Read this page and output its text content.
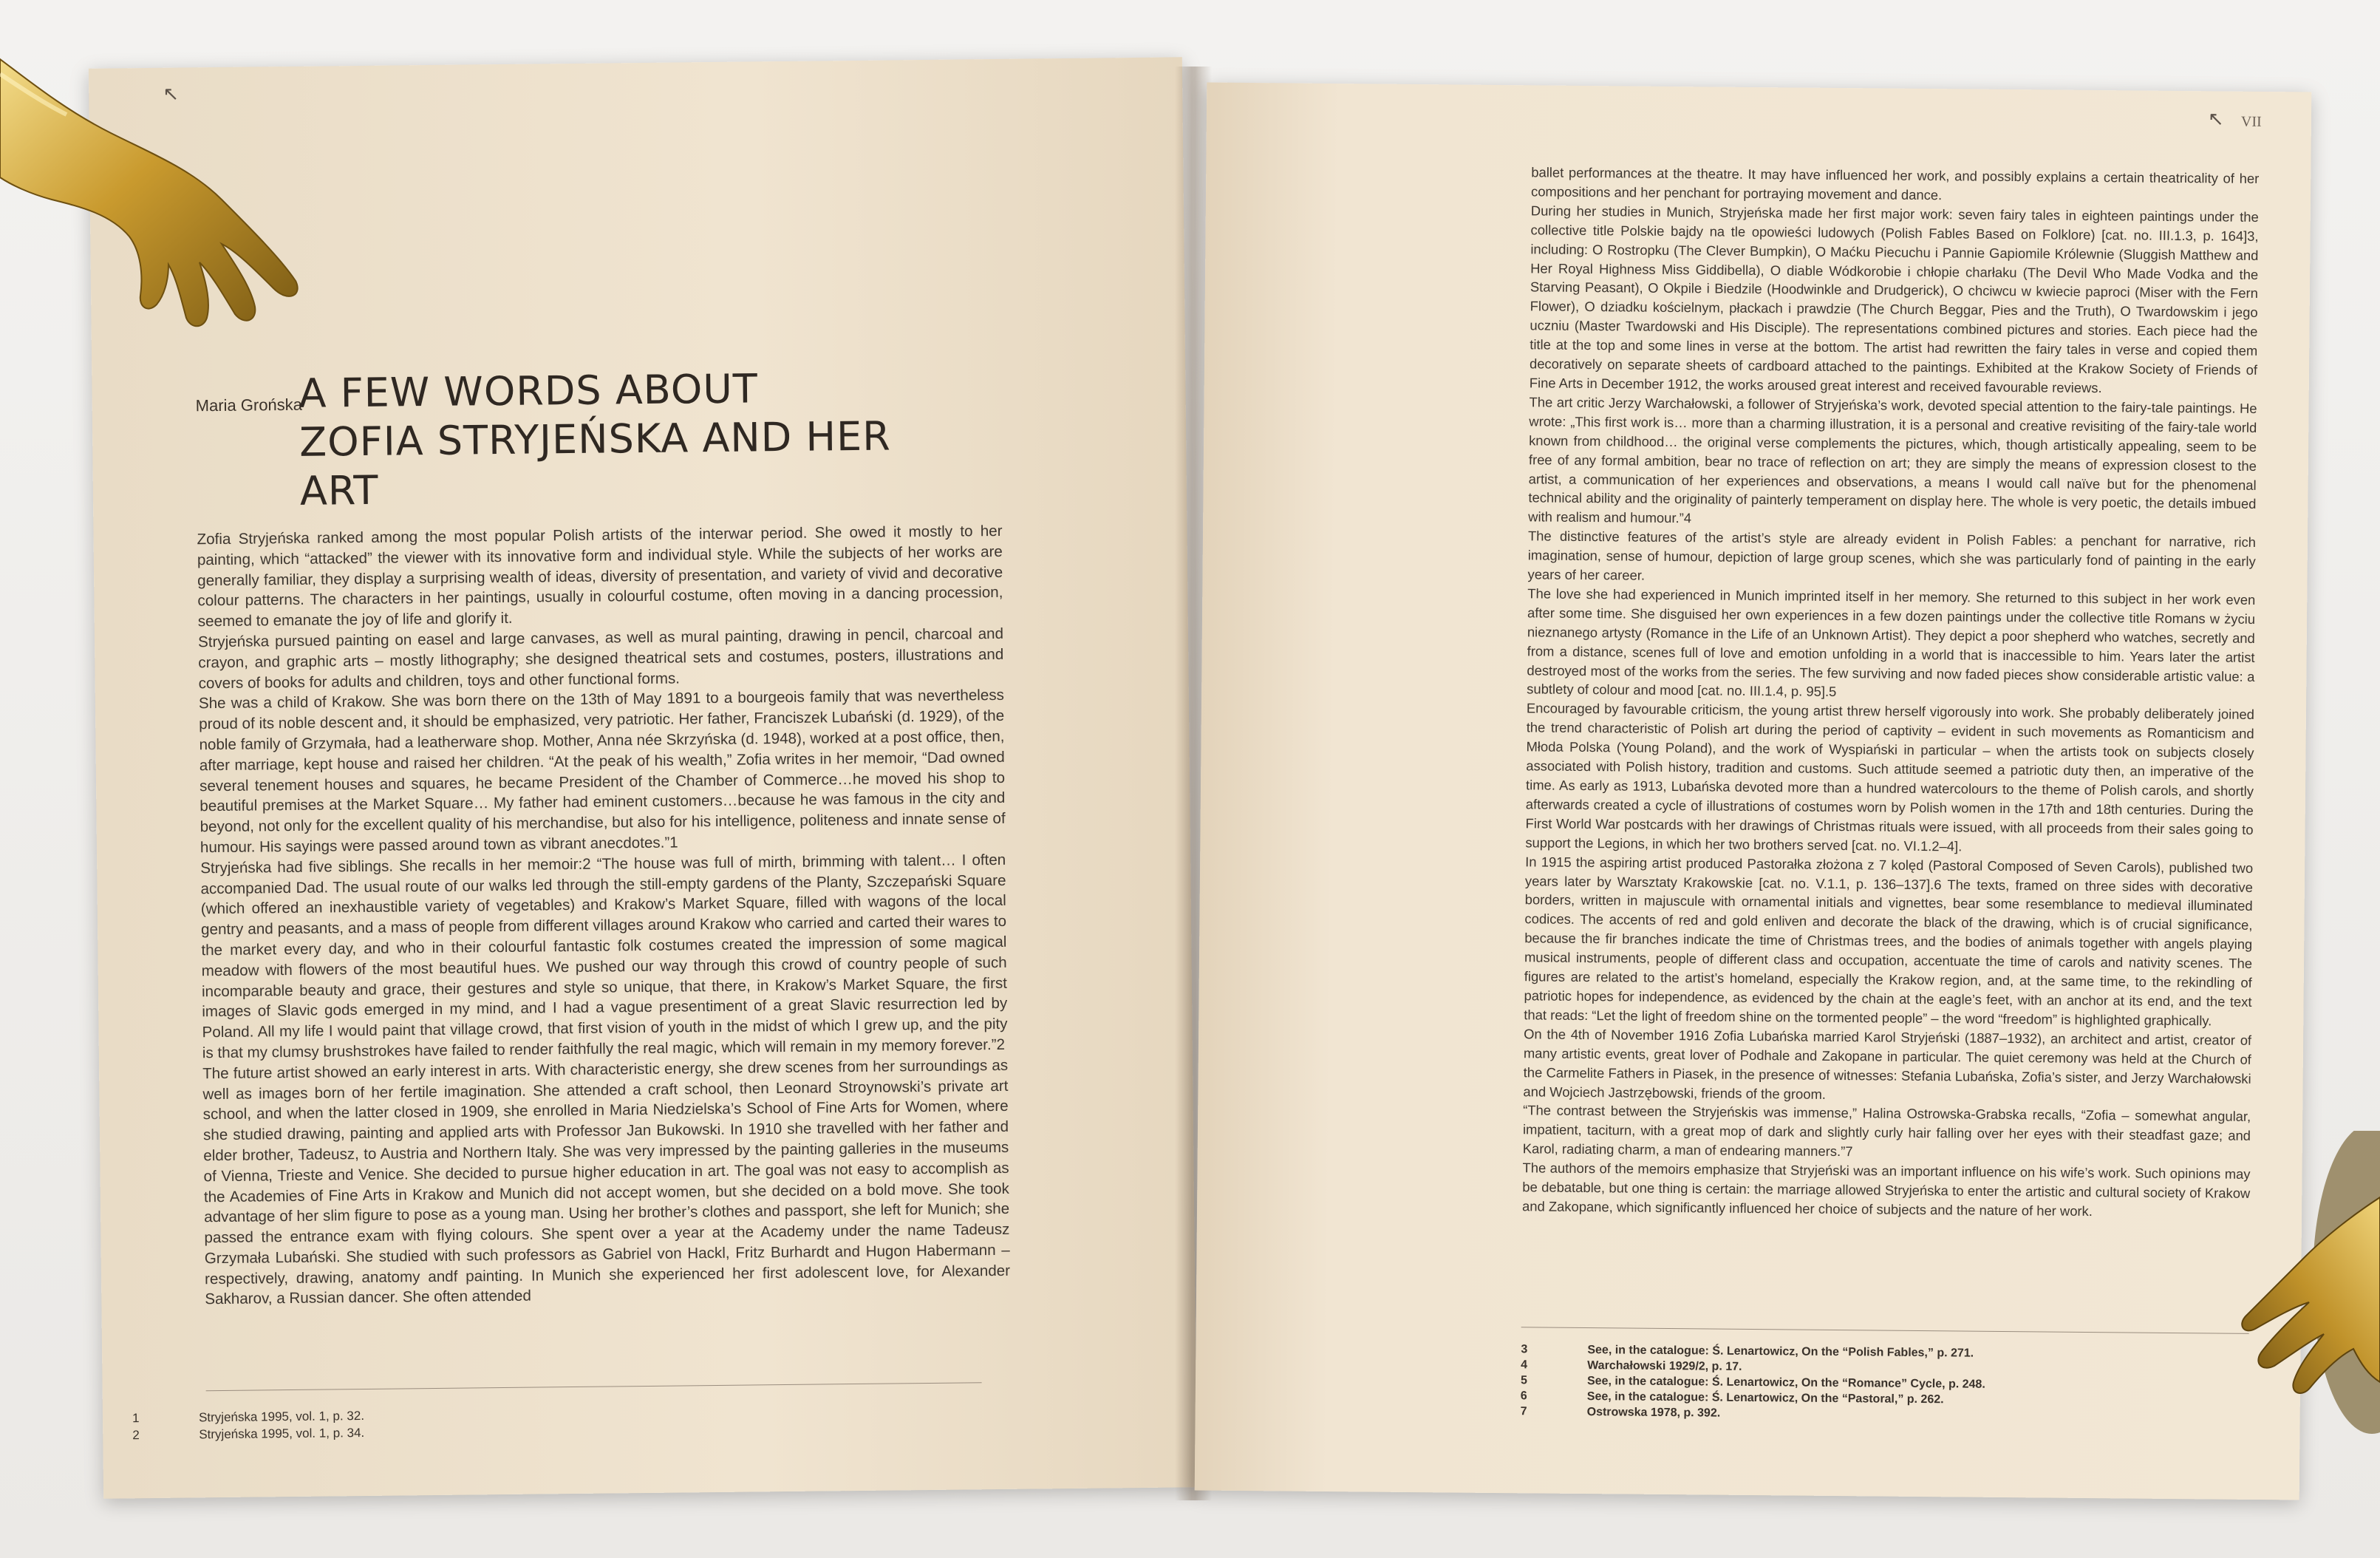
↖
Maria Grońska
A FEW WORDS ABOUT
ZOFIA STRYJEŃSKA AND HER ART

Zofia Stryjeńska ranked among the most popular Polish artists of the interwar period. She owed it mostly to her painting, which “attacked” the viewer with its innovative form and individual style. While the subjects of her works are generally familiar, they display a surprising wealth of ideas, diversity of presentation, and variety of vivid and decorative colour patterns. The characters in her paintings, usually in colourful costume, often moving in a dancing procession, seemed to emanate the joy of life and glorify it.

Stryjeńska pursued painting on easel and large canvases, as well as mural painting, drawing in pencil, charcoal and crayon, and graphic arts – mostly lithography; she designed theatrical sets and costumes, posters, illustrations and covers of books for adults and children, toys and other functional forms.

She was a child of Krakow. She was born there on the 13th of May 1891 to a bourgeois family that was nevertheless proud of its noble descent and, it should be emphasized, very patriotic. Her father, Franciszek Lubański (d. 1929), of the noble family of Grzymała, had a leatherware shop. Mother, Anna née Skrzyńska (d. 1948), worked at a post office, then, after marriage, kept house and raised her children. “At the peak of his wealth,” Zofia writes in her memoir, “Dad owned several tenement houses and squares, he became President of the Chamber of Commerce…he moved his shop to beautiful premises at the Market Square… My father had eminent customers…because he was famous in the city and beyond, not only for the excellent quality of his merchandise, but also for his intelligence, politeness and innate sense of humour. His sayings were passed around town as vibrant anecdotes.”1

Stryjeńska had five siblings. She recalls in her memoir:2 “The house was full of mirth, brimming with talent… I often accompanied Dad. The usual route of our walks led through the still-empty gardens of the Planty, Szczepański Square (which offered an inexhaustible variety of vegetables) and Krakow’s Market Square, filled with wagons of the local gentry and peasants, and a mass of people from different villages around Krakow who carried and carted their wares to the market every day, and who in their colourful fantastic folk costumes created the impression of some magical meadow with flowers of the most beautiful hues. We pushed our way through this crowd of country people of such incomparable beauty and grace, their gestures and style so unique, that there, in Krakow’s Market Square, the first images of Slavic gods emerged in my mind, and I had a vague presentiment of a great Slavic resurrection led by Poland. All my life I would paint that village crowd, that first vision of youth in the midst of which I grew up, and the pity is that my clumsy brushstrokes have failed to render faithfully the real magic, which will remain in my memory forever.”2

The future artist showed an early interest in arts. With characteristic energy, she drew scenes from her surroundings as well as images born of her fertile imagination. She attended a craft school, then Leonard Stroynowski’s private art school, and when the latter closed in 1909, she enrolled in Maria Niedzielska’s School of Fine Arts for Women, where she studied drawing, painting and applied arts with Professor Jan Bukowski. In 1910 she travelled with her father and elder brother, Tadeusz, to Austria and Northern Italy. She was very impressed by the painting galleries in the museums of Vienna, Trieste and Venice. She decided to pursue higher education in art. The goal was not easy to accomplish as the Academies of Fine Arts in Krakow and Munich did not accept women, but she decided on a bold move. She took advantage of her slim figure to pose as a young man. Using her brother’s clothes and passport, she left for Munich; she passed the entrance exam with flying colours. She spent over a year at the Academy under the name Tadeusz Grzymała Lubański. She studied with such professors as Gabriel von Hackl, Fritz Burhardt and Hugon Habermann – respectively, drawing, anatomy andf painting. In Munich she experienced her first adolescent love, for Alexander Sakharov, a Russian dancer. She often attended

1	Stryjeńska 1995, vol. 1, p. 32.
2	Stryjeńska 1995, vol. 1, p. 34.
↖ VII

ballet performances at the theatre. It may have influenced her work, and possibly explains a certain theatricality of her compositions and her penchant for portraying movement and dance.

During her studies in Munich, Stryjeńska made her first major work: seven fairy tales in eighteen paintings under the collective title Polskie bajdy na tle opowieści ludowych (Polish Fables Based on Folklore) [cat. no. III.1.3, p. 164]3, including: O Rostropku (The Clever Bumpkin), O Maćku Piecuchu i Pannie Gapiomile Królewnie (Sluggish Matthew and Her Royal Highness Miss Giddibella), O diable Wódkorobie i chłopie charłaku (The Devil Who Made Vodka and the Starving Peasant), O Okpile i Biedzile (Hoodwinkle and Drudgerick), O chciwcu w kwiecie paproci (Miser with the Fern Flower), O dziadku kościelnym, płackach i prawdzie (The Church Beggar, Pies and the Truth), O Twardowskim i jego uczniu (Master Twardowski and His Disciple). The representations combined pictures and stories. Each piece had the title at the top and some lines in verse at the bottom. The artist had rewritten the fairy tales in verse and copied them decoratively on separate sheets of cardboard attached to the paintings. Exhibited at the Krakow Society of Friends of Fine Arts in December 1912, the works aroused great interest and received favourable reviews.

The art critic Jerzy Warchałowski, a follower of Stryjeńska’s work, devoted special attention to the fairy-tale paintings. He wrote: „This first work is… more than a charming illustration, it is a personal and creative revisiting of the fairy-tale world known from childhood… the original verse complements the pictures, which, though artistically appealing, seem to be free of any formal ambition, bear no trace of reflection on art; they are simply the means of expression closest to the artist, a communication of her experiences and observations, a means I would call naïve but for the phenomenal technical ability and the originality of painterly temperament on display here. The whole is very poetic, the details imbued with realism and humour.”4

The distinctive features of the artist’s style are already evident in Polish Fables: a penchant for narrative, rich imagination, sense of humour, depiction of large group scenes, which she was particularly fond of painting in the early years of her career.

The love she had experienced in Munich imprinted itself in her memory. She returned to this subject in her work even after some time. She disguised her own experiences in a few dozen paintings under the collective title Romans w życiu nieznanego artysty (Romance in the Life of an Unknown Artist). They depict a poor shepherd who watches, secretly and from a distance, scenes full of love and emotion unfolding in a world that is inaccessible to him. Years later the artist destroyed most of the works from the series. The few surviving and now faded pieces show considerable artistic value: a subtlety of colour and mood [cat. no. III.1.4, p. 95].5

Encouraged by favourable criticism, the young artist threw herself vigorously into work. She probably deliberately joined the trend characteristic of Polish art during the period of captivity – evident in such movements as Romanticism and Młoda Polska (Young Poland), and the work of Wyspiański in particular – when the artists took on subjects closely associated with Polish history, tradition and customs. Such attitude seemed a patriotic duty then, an imperative of the time. As early as 1913, Lubańska devoted more than a hundred watercolours to the theme of Polish carols, and shortly afterwards created a cycle of illustrations of costumes worn by Polish women in the 17th and 18th centuries. During the First World War postcards with her drawings of Christmas rituals were issued, with all proceeds from their sales going to support the Legions, in which her two brothers served [cat. no. VI.1.2–4].

In 1915 the aspiring artist produced Pastorałka złożona z 7 kolęd (Pastoral Composed of Seven Carols), published two years later by Warsztaty Krakowskie [cat. no. V.1.1, p. 136–137].6 The texts, framed on three sides with decorative borders, written in majuscule with ornamental initials and vignettes, bear some resemblance to medieval illuminated codices. The accents of red and gold enliven and decorate the black of the drawing, which is of crucial significance, because the fir branches indicate the time of Christmas trees, and the bodies of animals together with angels playing musical instruments, people of different class and occupation, accentuate the time of carols and nativity scenes. The figures are related to the artist’s homeland, especially the Krakow region, and, at the same time, to the rekindling of patriotic hopes for independence, as evidenced by the chain at the eagle’s feet, with an anchor at its end, and the text that reads: “Let the light of freedom shine on the tormented people” – the word “freedom” is highlighted graphically.

On the 4th of November 1916 Zofia Lubańska married Karol Stryjeński (1887–1932), an architect and artist, creator of many artistic events, great lover of Podhale and Zakopane in particular. The quiet ceremony was held at the Church of the Carmelite Fathers in Piasek, in the presence of witnesses: Stefania Lubańska, Zofia’s sister, and Jerzy Warchałowski and Wojciech Jastrzębowski, friends of the groom.

“The contrast between the Stryjeńskis was immense,” Halina Ostrowska-Grabska recalls, “Zofia – somewhat angular, impatient, taciturn, with a great mop of dark and slightly curly hair falling over her eyes with their steadfast gaze; and Karol, radiating charm, a man of endearing manners.”7

The authors of the memoirs emphasize that Stryjeński was an important influence on his wife’s work. Such opinions may be debatable, but one thing is certain: the marriage allowed Stryjeńska to enter the artistic and cultural society of Krakow and Zakopane, which significantly influenced her choice of subjects and the nature of her work.

3	See, in the catalogue: Ś. Lenartowicz, On the “Polish Fables,” p. 271.
4	Warchałowski 1929/2, p. 17.
5	See, in the catalogue: Ś. Lenartowicz, On the “Romance” Cycle, p. 248.
6	See, in the catalogue: Ś. Lenartowicz, On the “Pastoral,” p. 262.
7	Ostrowska 1978, p. 392.
